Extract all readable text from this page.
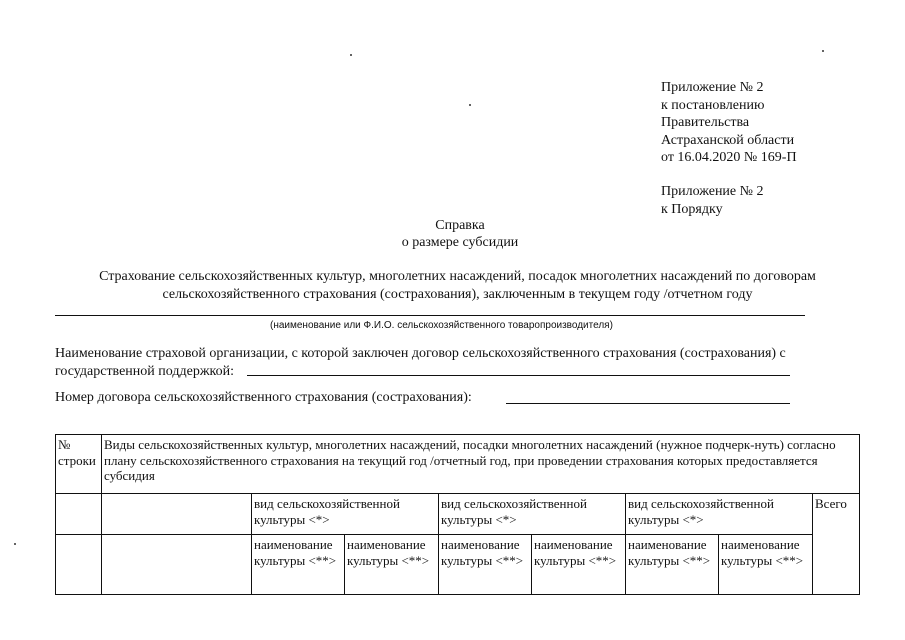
Приложение № 2
к постановлению
Правительства
Астраханской области
от 16.04.2020 № 169-П
Приложение № 2
к Порядку
Справка
о размере субсидии
Страхование сельскохозяйственных культур, многолетних насаждений, посадок многолетних насаждений по договорам
сельскохозяйственного страхования (сострахования), заключенным в текущем году /отчетном году
(наименование или Ф.И.О. сельскохозяйственного товаропроизводителя)
Наименование страховой организации, с которой заключен договор сельскохозяйственного страхования (сострахования) с
государственной поддержкой:
Номер договора сельскохозяйственного страхования (сострахования):
№ строки	Виды сельскохозяйственных культур, многолетних насаждений, посадки многолетних насаждений (нужное подчерк-нуть) согласно плану сельскохозяйственного страхования на текущий год /отчетный год, при проведении страхования которых предоставляется субсидия							
		вид сельскохозяйственной культуры <*>		вид сельскохозяйственной культуры <*>		вид сельскохозяйственной культуры <*>		Всего
		наименование культуры <**>	наименование культуры <**>	наименование культуры <**>	наименование культуры <**>	наименование культуры <**>	наименование культуры <**>	
